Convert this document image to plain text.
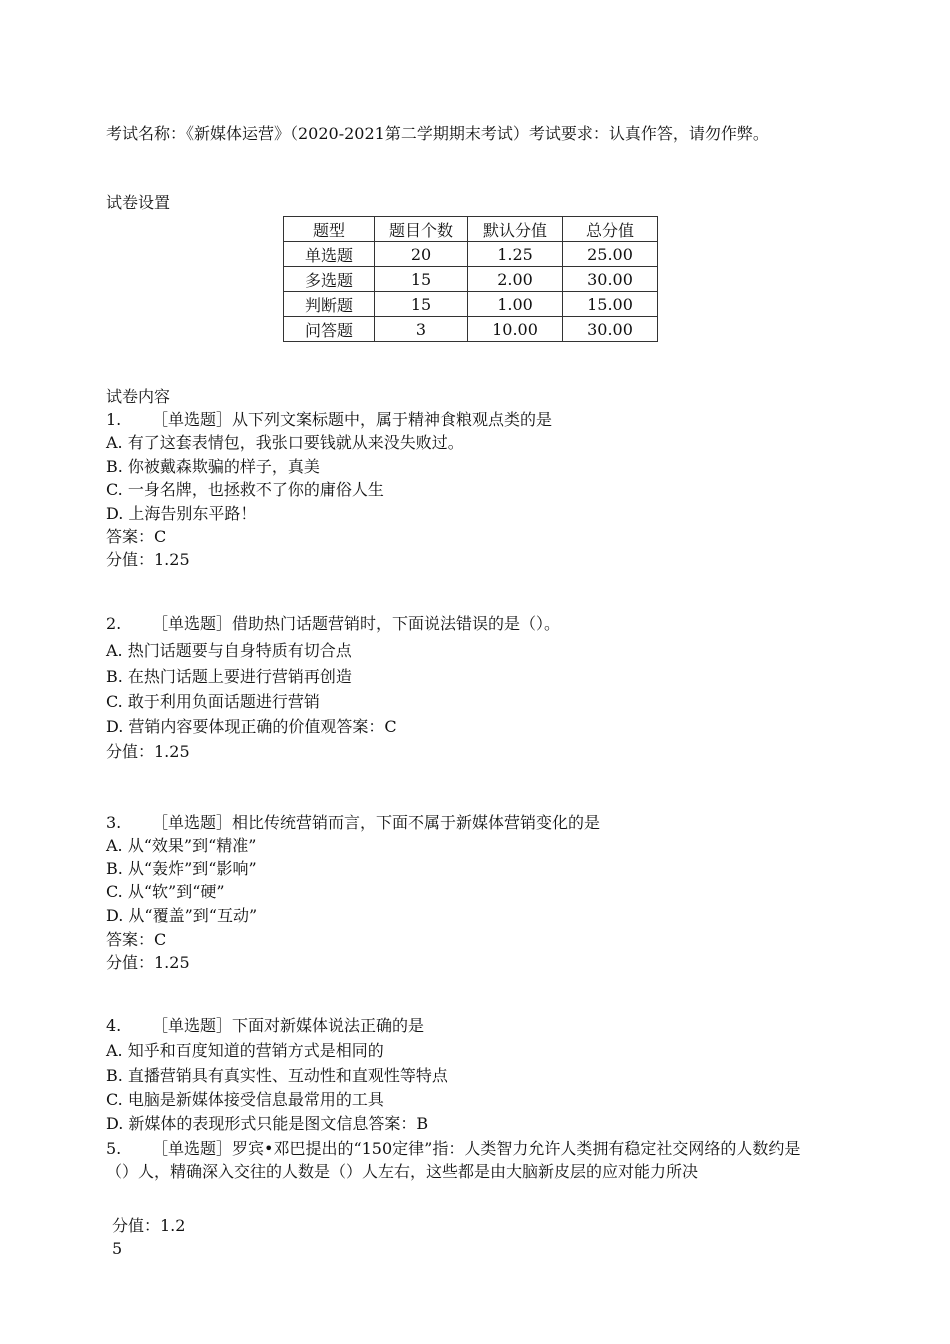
考试名称：《新媒体运营》（2020-2021第二学期期末考试）考试要求：认真作答，请勿作弊。
试卷设置
题型	题目个数	默认分值	总分值
单选题	20	1.25	25.00
多选题	15	2.00	30.00
判断题	15	1.00	15.00
问答题	3	10.00	30.00
试卷内容
1. ［单选题］从下列文案标题中，属于精神食粮观点类的是
A. 有了这套表情包，我张口要钱就从来没失败过。
B. 你被戴森欺骗的样子，真美
C. 一身名牌，也拯救不了你的庸俗人生
D. 上海告别东平路！
答案：C
分值：1.25
2. ［单选题］借助热门话题营销时，下面说法错误的是（）。
A. 热门话题要与自身特质有切合点
B. 在热门话题上要进行营销再创造
C. 敢于利用负面话题进行营销
D. 营销内容要体现正确的价值观答案：C
分值：1.25
3. ［单选题］相比传统营销而言，下面不属于新媒体营销变化的是
A. 从“效果”到“精准”
B. 从“轰炸”到“影响”
C. 从“软”到“硬”
D. 从“覆盖”到“互动”
答案：C
分值：1.25
4. ［单选题］下面对新媒体说法正确的是
A. 知乎和百度知道的营销方式是相同的
B. 直播营销具有真实性、互动性和直观性等特点
C. 电脑是新媒体接受信息最常用的工具
D. 新媒体的表现形式只能是图文信息答案：B
5. ［单选题］罗宾•邓巴提出的“150定律”指：人类智力允许人类拥有稳定社交网络的人数约是（）人，精确深入交往的人数是（）人左右，这些都是由大脑新皮层的应对能力所决
分值：1.2
5
